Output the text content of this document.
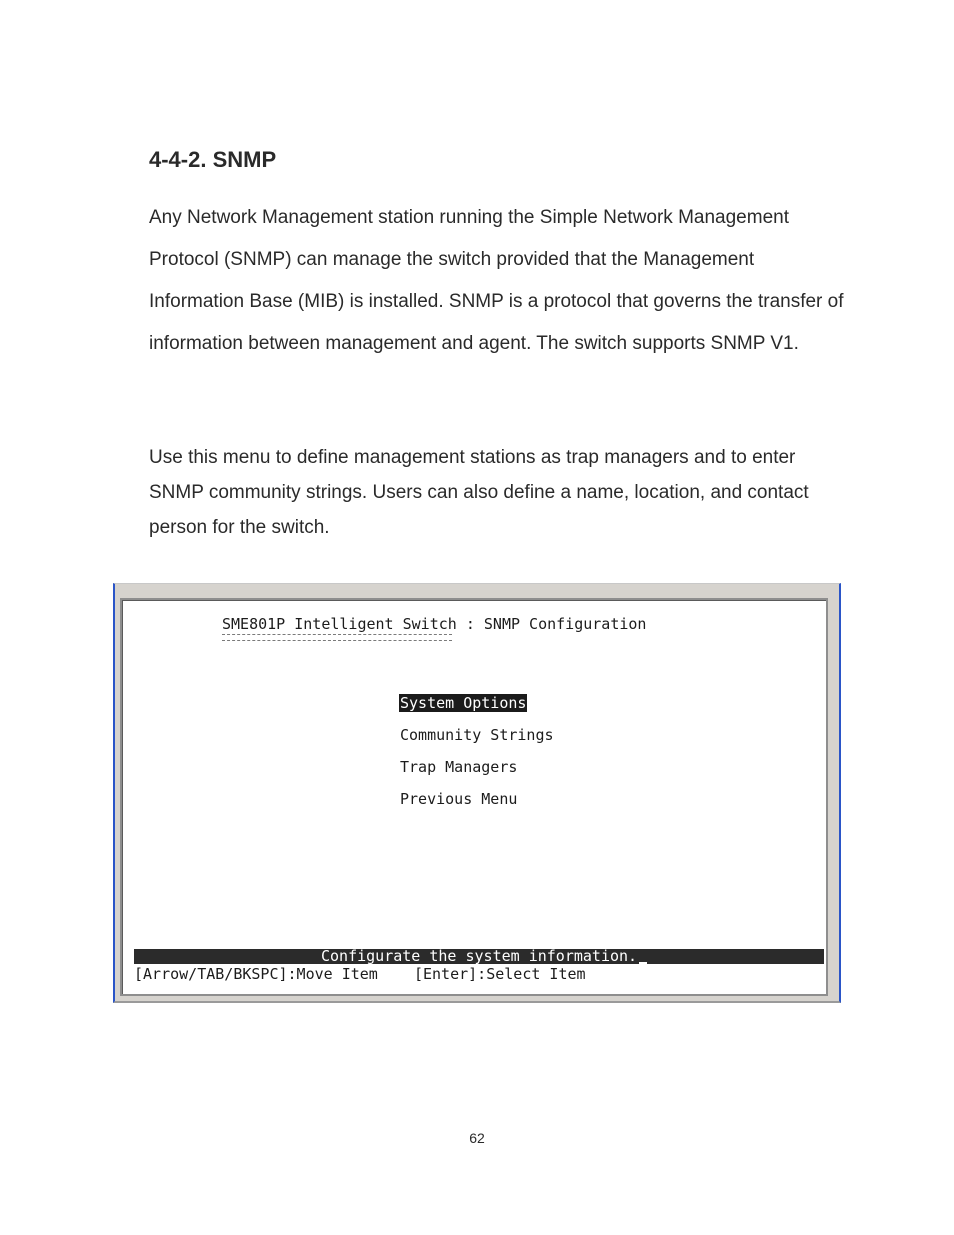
4-4-2. SNMP

Any Network Management station running the Simple Network Management Protocol (SNMP) can manage the switch provided that the Management Information Base (MIB) is installed. SNMP is a protocol that governs the transfer of information between management and agent. The switch supports SNMP V1.

Use this menu to define management stations as trap managers and to enter SNMP community strings. Users can also define a name, location, and contact person for the switch.

SME801P Intelligent Switch : SNMP Configuration
System Options
Community Strings
Trap Managers
Previous Menu

Configurate the system information.

[Arrow/TAB/BKSPC]:Move Item [Enter]:Select Item
62
